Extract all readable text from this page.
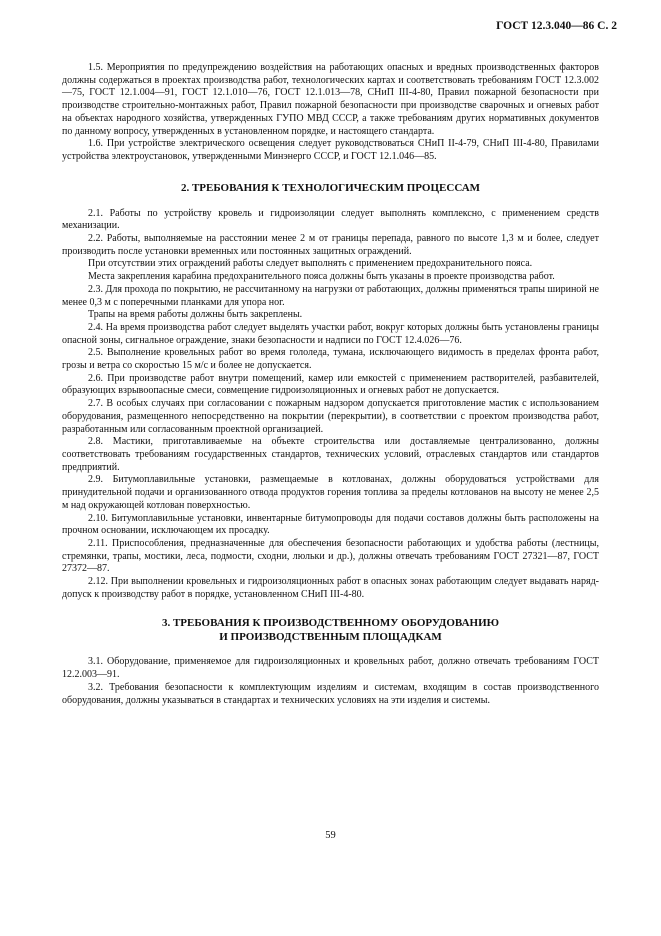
ГОСТ 12.3.040—86 С. 2

1.5. Мероприятия по предупреждению воздействия на работающих опасных и вредных производственных факторов должны содержаться в проектах производства работ, технологических картах и соответствовать требованиям ГОСТ 12.3.002—75, ГОСТ 12.1.004—91, ГОСТ 12.1.010—76, ГОСТ 12.1.013—78, СНиП III-4-80, Правил пожарной безопасности при производстве строительно-монтажных работ, Правил пожарной безопасности при производстве сварочных и огневых работ на объектах народного хозяйства, утвержденных ГУПО МВД СССР, а также требованиям других нормативных документов по данному вопросу, утвержденных в установленном порядке, и настоящего стандарта.

1.6. При устройстве электрического освещения следует руководствоваться СНиП II-4-79, СНиП III-4-80, Правилами устройства электроустановок, утвержденными Минэнерго СССР, и ГОСТ 12.1.046—85.

2. ТРЕБОВАНИЯ К ТЕХНОЛОГИЧЕСКИМ ПРОЦЕССАМ

2.1. Работы по устройству кровель и гидроизоляции следует выполнять комплексно, с применением средств механизации.

2.2. Работы, выполняемые на расстоянии менее 2 м от границы перепада, равного по высоте 1,3 м и более, следует производить после установки временных или постоянных защитных ограждений.

При отсутствии этих ограждений работы следует выполнять с применением предохранительного пояса.

Места закрепления карабина предохранительного пояса должны быть указаны в проекте производства работ.

2.3. Для прохода по покрытию, не рассчитанному на нагрузки от работающих, должны применяться трапы шириной не менее 0,3 м с поперечными планками для упора ног.

Трапы на время работы должны быть закреплены.

2.4. На время производства работ следует выделять участки работ, вокруг которых должны быть установлены границы опасной зоны, сигнальное ограждение, знаки безопасности и надписи по ГОСТ 12.4.026—76.

2.5. Выполнение кровельных работ во время гололеда, тумана, исключающего видимость в пределах фронта работ, грозы и ветра со скоростью 15 м/с и более не допускается.

2.6. При производстве работ внутри помещений, камер или емкостей с применением растворителей, разбавителей, образующих взрывоопасные смеси, совмещение гидроизоляционных и огневых работ не допускается.

2.7. В особых случаях при согласовании с пожарным надзором допускается приготовление мастик с использованием оборудования, размещенного непосредственно на покрытии (перекрытии), в соответствии с проектом производства работ, разработанным или согласованным проектной организацией.

2.8. Мастики, приготавливаемые на объекте строительства или доставляемые централизованно, должны соответствовать требованиям государственных стандартов, технических условий, отраслевых стандартов или стандартов предприятий.

2.9. Битумоплавильные установки, размещаемые в котлованах, должны оборудоваться устройствами для принудительной подачи и организованного отвода продуктов горения топлива за пределы котлованов на высоту не менее 2,5 м над окружающей котлован поверхностью.

2.10. Битумоплавильные установки, инвентарные битумопроводы для подачи составов должны быть расположены на прочном основании, исключающем их просадку.

2.11. Приспособления, предназначенные для обеспечения безопасности работающих и удобства работы (лестницы, стремянки, трапы, мостики, леса, подмости, сходни, люльки и др.), должны отвечать требованиям ГОСТ 27321—87, ГОСТ 27372—87.

2.12. При выполнении кровельных и гидроизоляционных работ в опасных зонах работающим следует выдавать наряд-допуск к производству работ в порядке, установленном СНиП III-4-80.

3. ТРЕБОВАНИЯ К ПРОИЗВОДСТВЕННОМУ ОБОРУДОВАНИЮ
И ПРОИЗВОДСТВЕННЫМ ПЛОЩАДКАМ

3.1. Оборудование, применяемое для гидроизоляционных и кровельных работ, должно отвечать требованиям ГОСТ 12.2.003—91.

3.2. Требования безопасности к комплектующим изделиям и системам, входящим в состав производственного оборудования, должны указываться в стандартах и технических условиях на эти изделия и системы.

59
